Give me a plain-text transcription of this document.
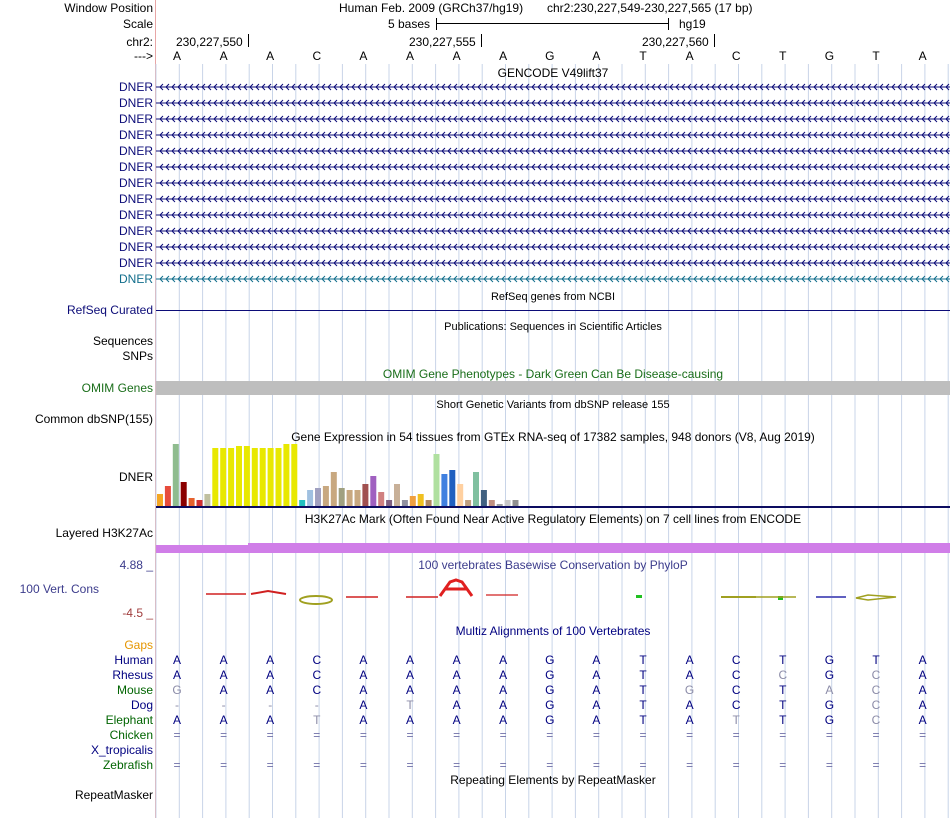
Window Position
Scale
chr2:
--->
Human Feb. 2009 (GRCh37/hg19) chr2:230,227,549-230,227,565 (17 bp)
5 bases	hg19
230,227,550	230,227,555	230,227,560
A	A	A	C	A	A	A	A	G	A	T	A	C	T	G	T	A
GENCODE V49lift37
DNER
DNER
DNER
DNER
DNER
DNER
DNER
DNER
DNER
DNER
DNER
DNER
DNER
RefSeq genes from NCBI
RefSeq Curated
Publications: Sequences in Scientific Articles
Sequences
SNPs
OMIM Gene Phenotypes - Dark Green Can Be Disease-causing
OMIM Genes
Short Genetic Variants from dbSNP release 155
Common dbSNP(155)
Gene Expression in 54 tissues from GTEx RNA-seq of 17382 samples, 948 donors (V8, Aug 2019)
DNER
H3K27Ac Mark (Often Found Near Active Regulatory Elements) on 7 cell lines from ENCODE
Layered H3K27Ac
100 vertebrates Basewise Conservation by PhyloP
4.88 _
100 Vert. Cons
-4.5 _
Multiz Alignments of 100 Vertebrates
Gaps
Human A	A	A	C	A	A	A	A	G	A	T	A	C	T	G	T	A
Rhesus A	A	A	C	A	A	A	A	G	A	T	A	C	C	G	C	A
Mouse G	A	A	C	A	A	A	A	G	A	T	G	C	T	A	C	A
Dog	-	-	-	-	A	T	A	A	G	A	T	A	C	T	G	C	A
Elephant A	A	A	T	A	A	A	A	G	A	T	A	T	T	G	C	A
Chicken =	=	=	=	=	=	=	=	=	=	=	=	=	=	=	=	=
X_tropicalis
Zebrafish =	=	=	=	=	=	=	=	=	=	=	=	=	=	=	=	=
Repeating Elements by RepeatMasker
RepeatMasker
